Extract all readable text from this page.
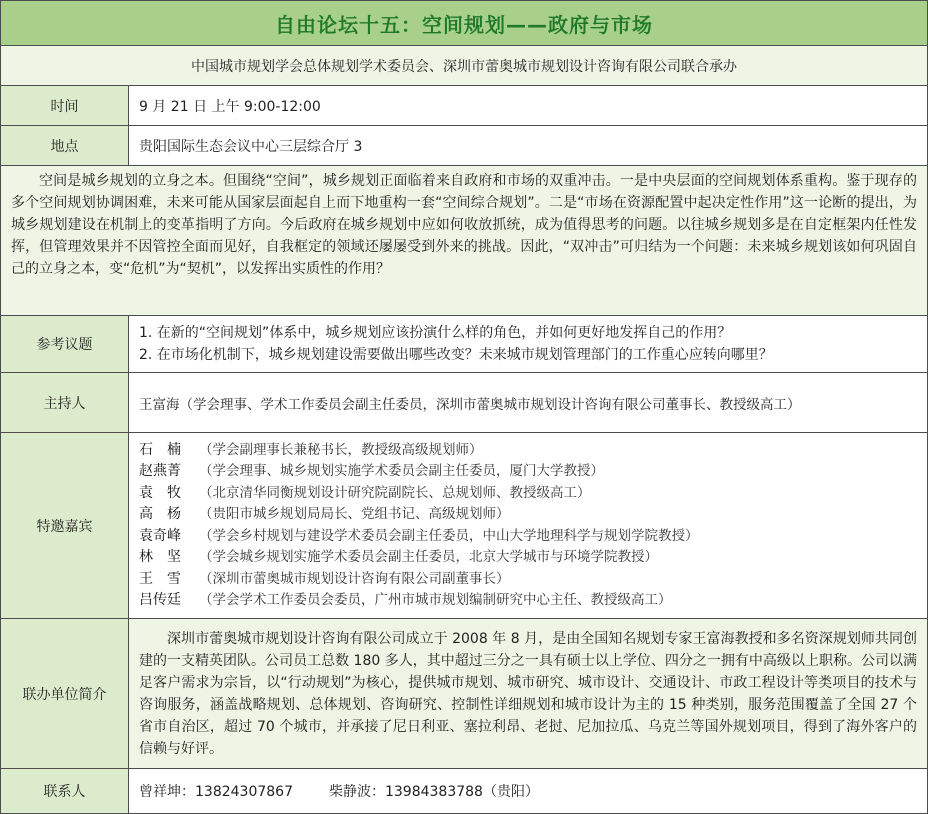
自由论坛十五：空间规划——政府与市场
中国城市规划学会总体规划学术委员会、深圳市蕾奥城市规划设计咨询有限公司联合承办
时间	9 月 21 日 上午 9:00-12:00
地点	贵阳国际生态会议中心三层综合厅 3
空间是城乡规划的立身之本。但围绕“空间”，城乡规划正面临着来自政府和市场的双重冲击。一是中央层面的空间规划体系重构。鉴于现存的多个空间规划协调困难，未来可能从国家层面起自上而下地重构一套“空间综合规划”。二是“市场在资源配置中起决定性作用”这一论断的提出，为城乡规划建设在机制上的变革指明了方向。今后政府在城乡规划中应如何收放抓统，成为值得思考的问题。以往城乡规划多是在自定框架内任性发挥，但管理效果并不因管控全面而见好，自我框定的领域还屡屡受到外来的挑战。因此，“双冲击”可归结为一个问题：未来城乡规划该如何巩固自己的立身之本，变“危机”为“契机”，以发挥出实质性的作用？
参考议题
1. 在新的“空间规划”体系中，城乡规划应该扮演什么样的角色，并如何更好地发挥自己的作用？
2. 在市场化机制下，城乡规划建设需要做出哪些改变？未来城市规划管理部门的工作重心应转向哪里？
主持人	王富海（学会理事、学术工作委员会副主任委员，深圳市蕾奥城市规划设计咨询有限公司董事长、教授级高工）
特邀嘉宾
石　楠 （学会副理事长兼秘书长，教授级高级规划师）
赵燕菁 （学会理事、城乡规划实施学术委员会副主任委员，厦门大学教授）
袁　牧 （北京清华同衡规划设计研究院副院长、总规划师、教授级高工）
高　杨 （贵阳市城乡规划局局长、党组书记、高级规划师）
袁奇峰 （学会乡村规划与建设学术委员会副主任委员，中山大学地理科学与规划学院教授）
林　坚 （学会城乡规划实施学术委员会副主任委员，北京大学城市与环境学院教授）
王　雪 （深圳市蕾奥城市规划设计咨询有限公司副董事长）
吕传廷 （学会学术工作委员会委员，广州市城市规划编制研究中心主任、教授级高工）
联办单位简介
深圳市蕾奥城市规划设计咨询有限公司成立于 2008 年 8 月，是由全国知名规划专家王富海教授和多名资深规划师共同创建的一支精英团队。公司员工总数 180 多人，其中超过三分之一具有硕士以上学位、四分之一拥有中高级以上职称。公司以满足客户需求为宗旨，以“行动规划”为核心，提供城市规划、城市研究、城市设计、交通设计、市政工程设计等类项目的技术与咨询服务，涵盖战略规划、总体规划、咨询研究、控制性详细规划和城市设计为主的 15 种类别，服务范围覆盖了全国 27 个省市自治区，超过 70 个城市，并承接了尼日利亚、塞拉利昂、老挝、尼加拉瓜、乌克兰等国外规划项目，得到了海外客户的信赖与好评。
联系人	曾祥坤：13824307867	柴静波：13984383788（贵阳）
